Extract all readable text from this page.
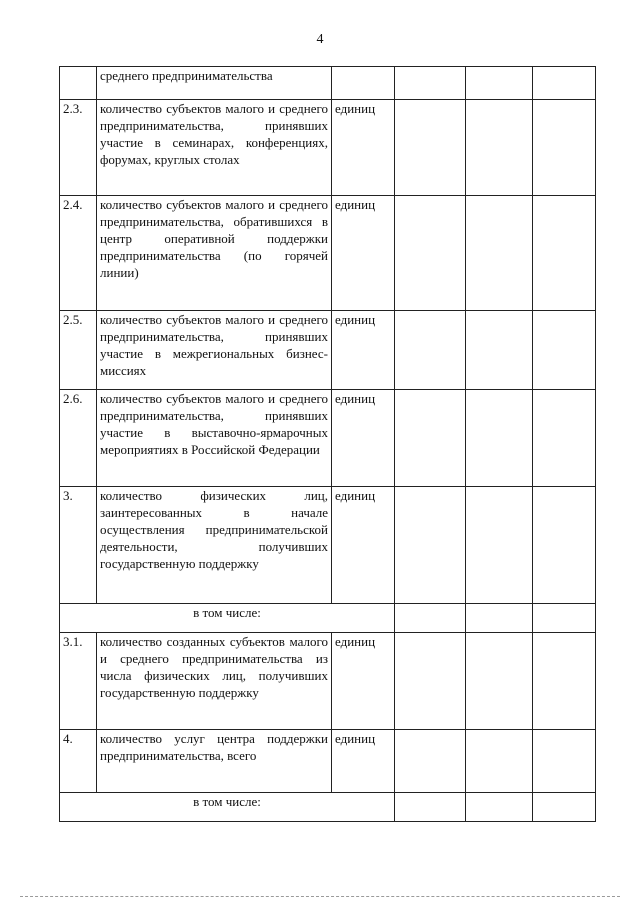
4
	среднего предпринимательства				
2.3.	количество субъектов малого и среднего предпринимательства, принявших участие в семинарах, конференциях, форумах, круглых столах	единиц			
2.4.	количество субъектов малого и среднего предпринимательства, обратившихся в центр оперативной поддержки предпринимательства (по горячей линии)	единиц			
2.5.	количество субъектов малого и среднего предпринимательства, принявших участие в межрегиональных бизнес-миссиях	единиц			
2.6.	количество субъектов малого и среднего предпринимательства, принявших участие в выставочно-ярмарочных мероприятиях в Российской Федерации	единиц			
3.	количество физических лиц, заинтересованных в начале осуществления предпринимательской деятельности, получивших государственную поддержку	единиц			
в том числе:					
3.1.	количество созданных субъектов малого и среднего предпринимательства из числа физических лиц, получивших государственную поддержку	единиц			
4.	количество услуг центра поддержки предпринимательства, всего	единиц			
в том числе:					
